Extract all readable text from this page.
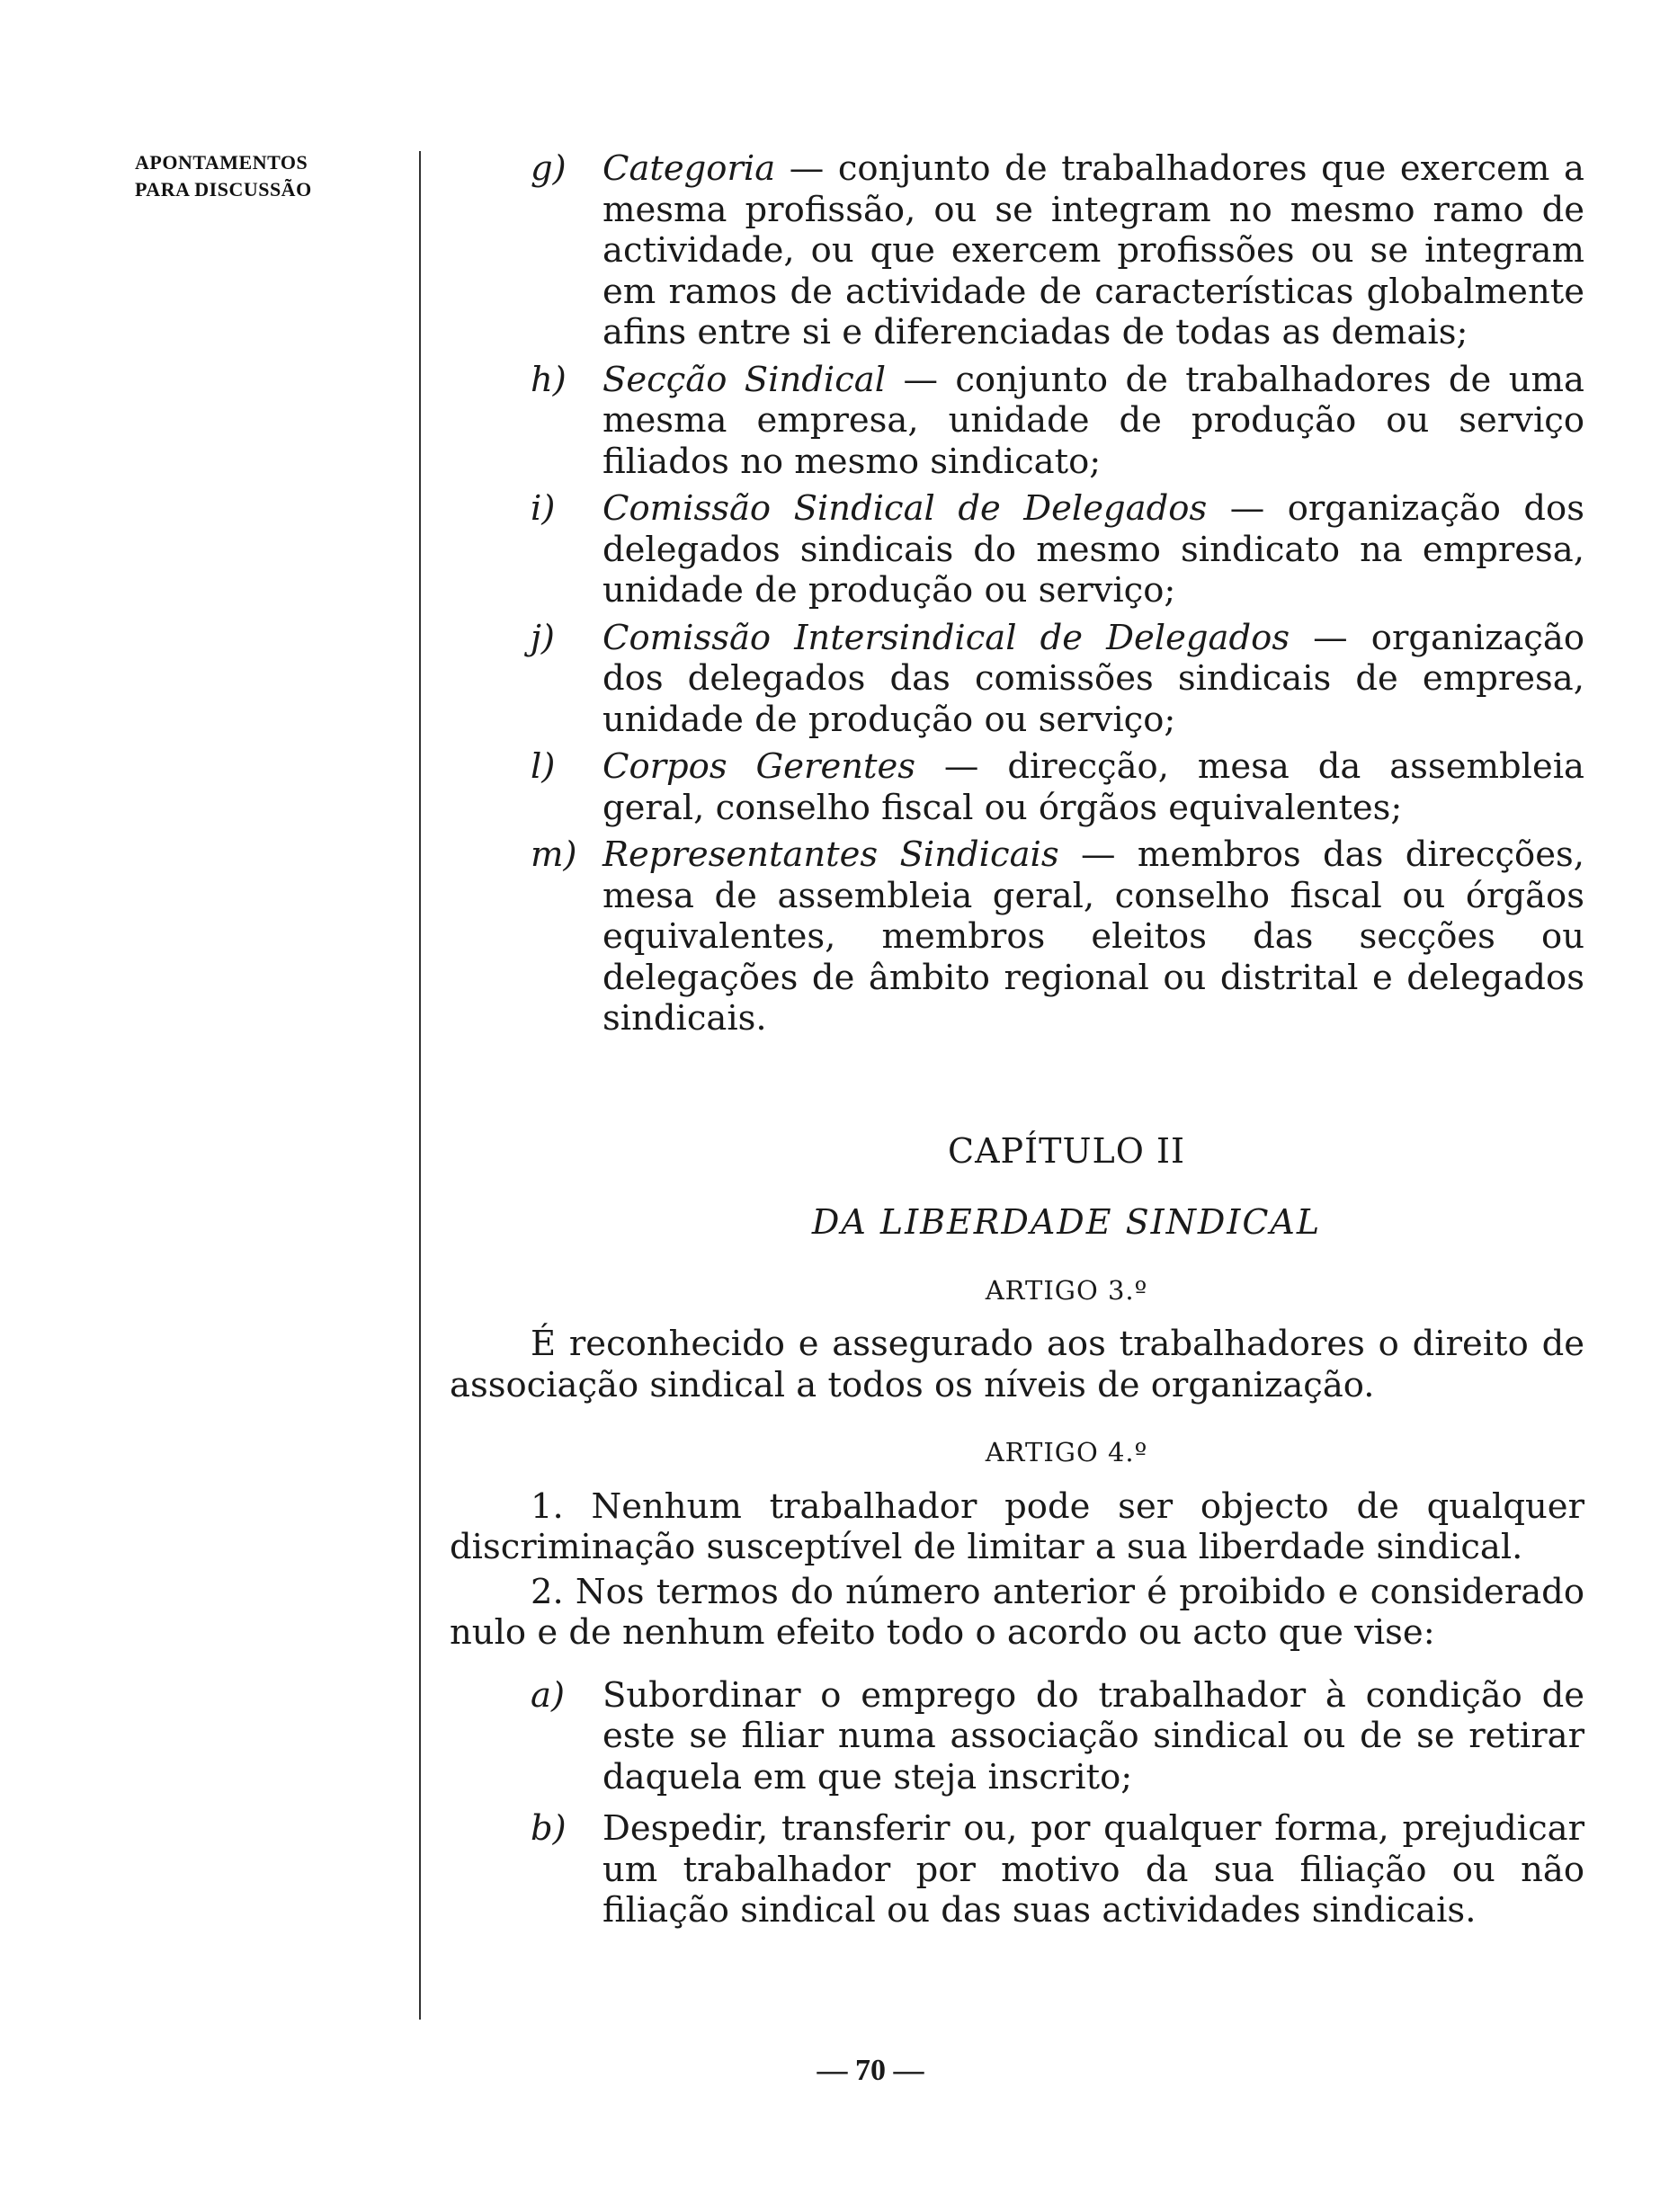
APONTAMENTOS
PARA DISCUSSÃO
g) Categoria — conjunto de trabalhadores que exercem a mesma profissão, ou se integram no mesmo ramo de actividade, ou que exercem profissões ou se integram em ramos de actividade de características globalmente afins entre si e diferenciadas de todas as demais;
h) Secção Sindical — conjunto de trabalhadores de uma mesma empresa, unidade de produção ou serviço filiados no mesmo sindicato;
i) Comissão Sindical de Delegados — organização dos delegados sindicais do mesmo sindicato na empresa, unidade de produção ou serviço;
j) Comissão Intersindical de Delegados — organização dos delegados das comissões sindicais de empresa, unidade de produção ou serviço;
l) Corpos Gerentes — direcção, mesa da assembleia geral, conselho fiscal ou órgãos equivalentes;
m) Representantes Sindicais — membros das direcções, mesa de assembleia geral, conselho fiscal ou órgãos equivalentes, membros eleitos das secções ou delegações de âmbito regional ou distrital e delegados sindicais.
CAPÍTULO II
DA LIBERDADE SINDICAL
ARTIGO 3.º
É reconhecido e assegurado aos trabalhadores o direito de associação sindical a todos os níveis de organização.
ARTIGO 4.º
1. Nenhum trabalhador pode ser objecto de qualquer discriminação susceptível de limitar a sua liberdade sindical.
2. Nos termos do número anterior é proibido e considerado nulo e de nenhum efeito todo o acordo ou acto que vise:
a) Subordinar o emprego do trabalhador à condição de este se filiar numa associação sindical ou de se retirar daquela em que steja inscrito;
b) Despedir, transferir ou, por qualquer forma, prejudicar um trabalhador por motivo da sua filiação ou não filiação sindical ou das suas actividades sindicais.
— 70 —
